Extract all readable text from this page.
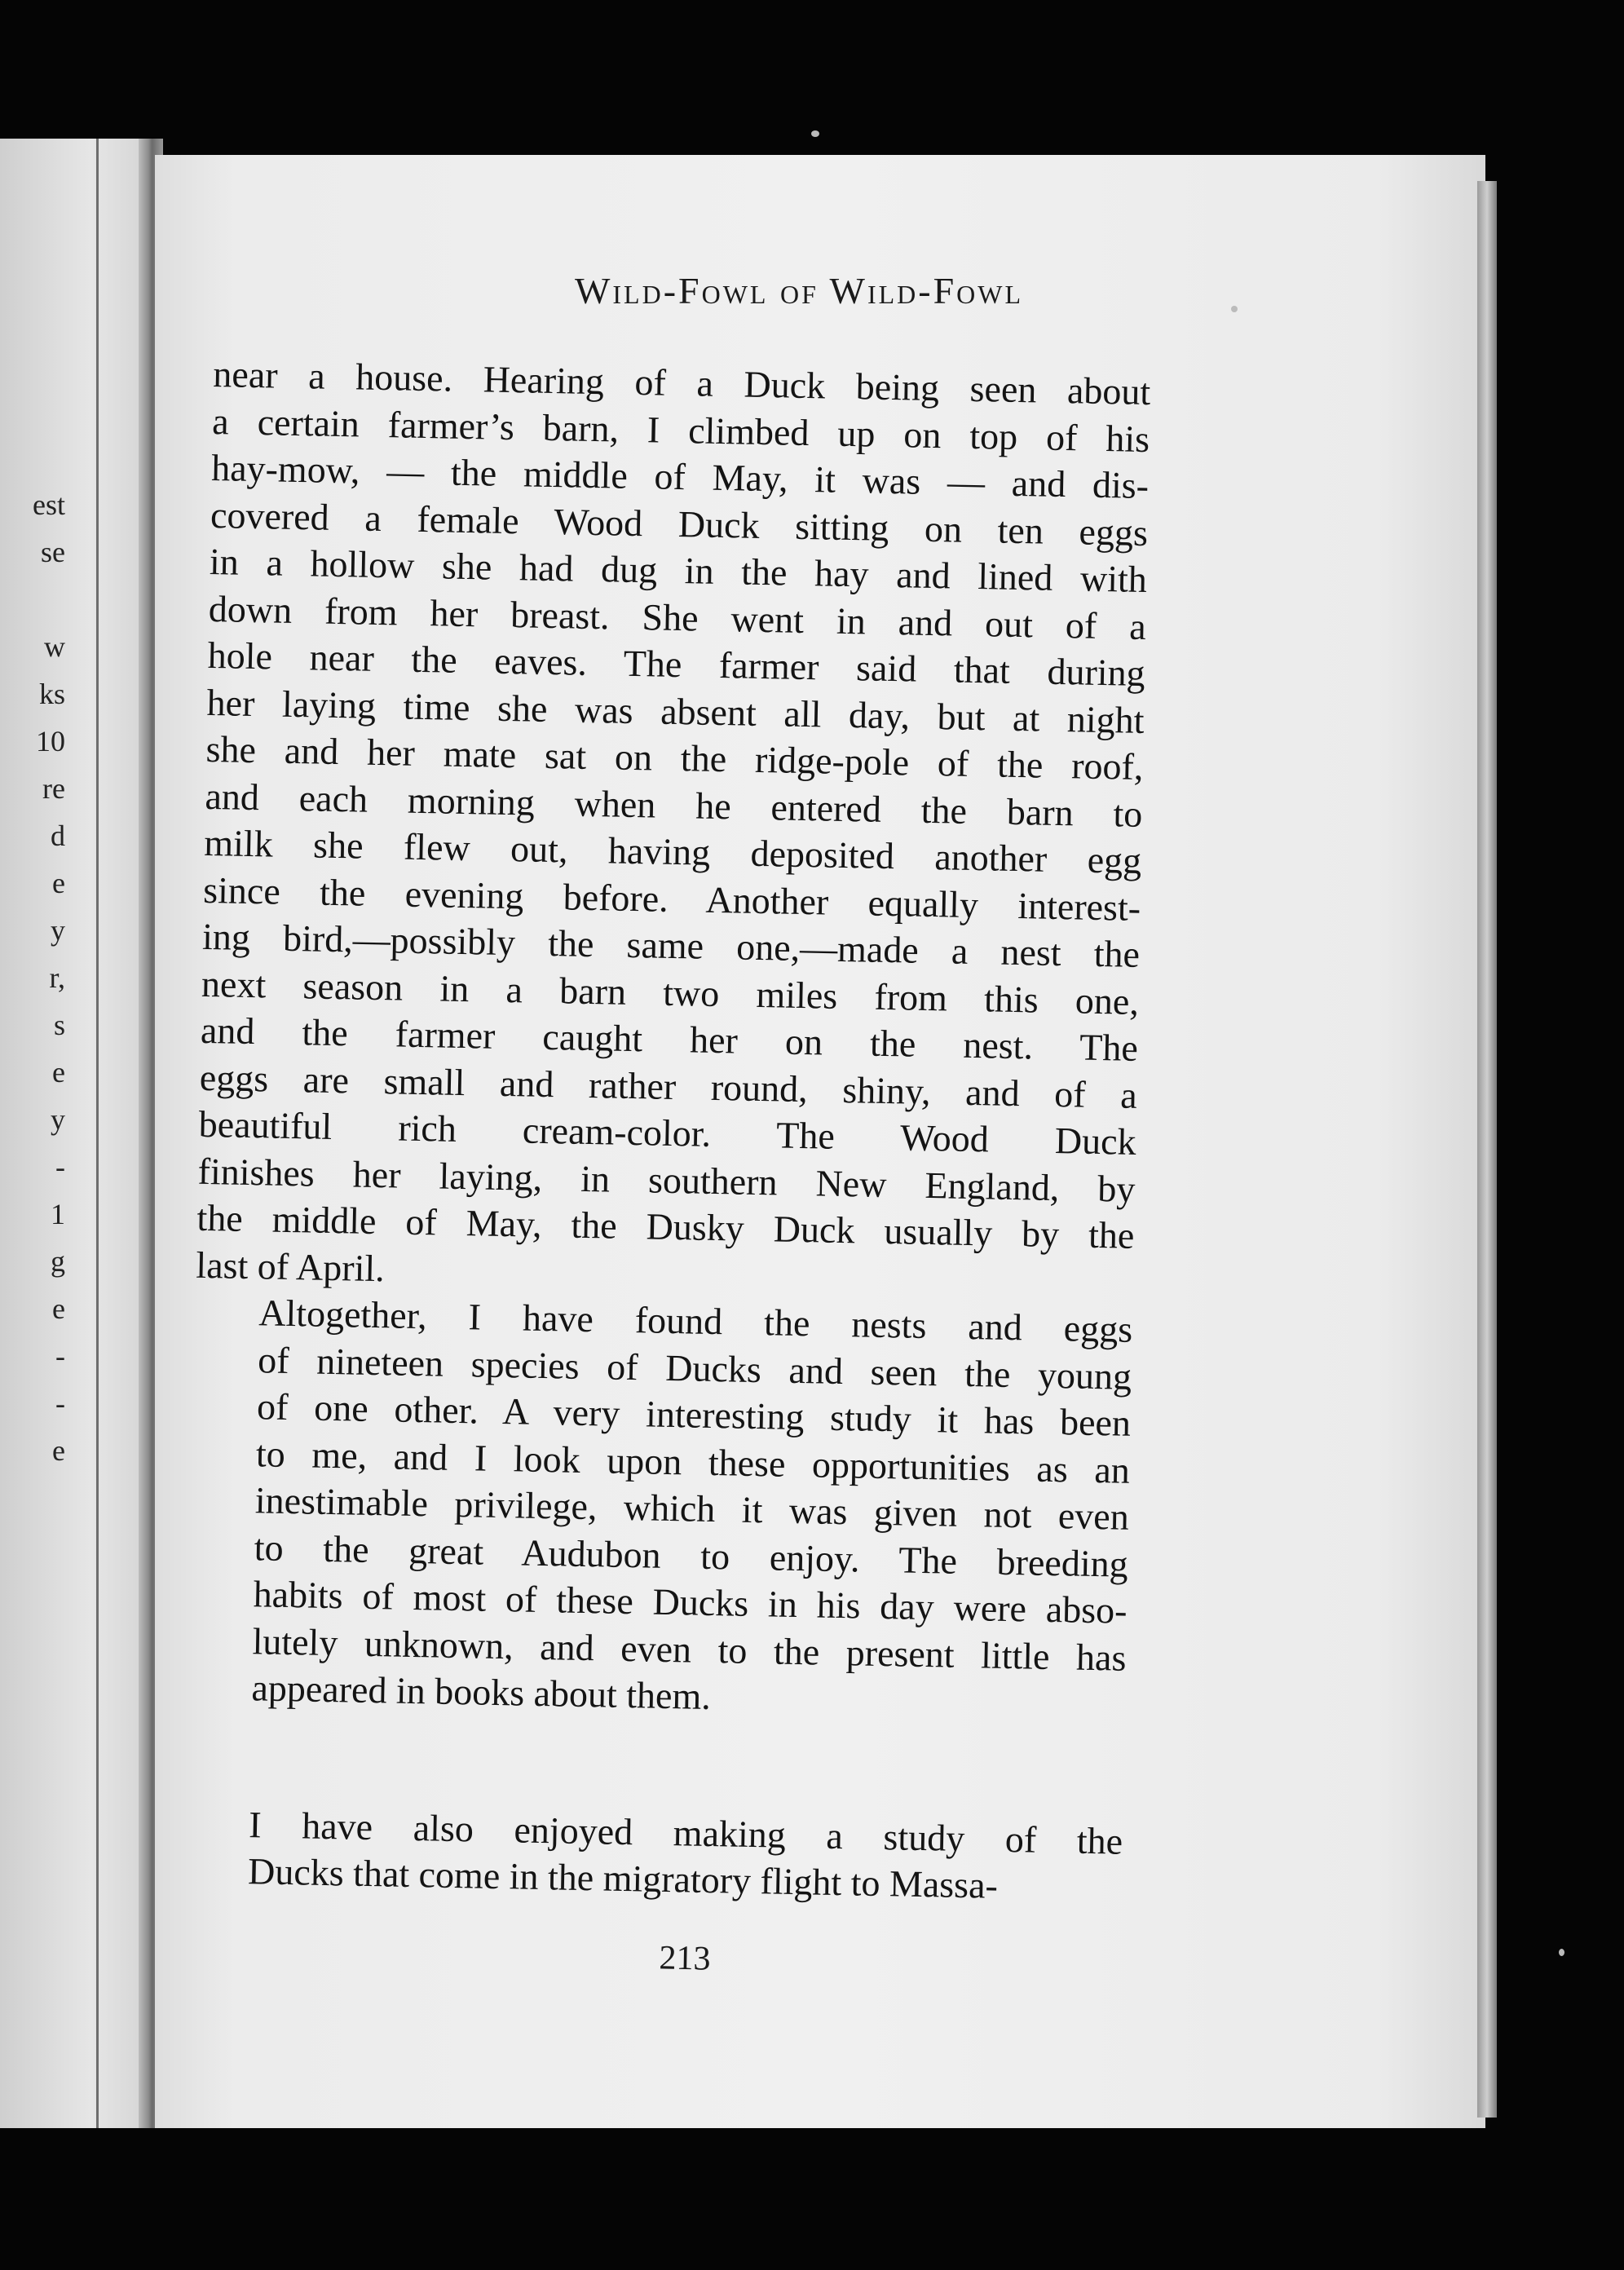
est
se
w
ks
10
re
d
e
y
r,
s
e
y
-
1
g
e
-
-
e
Wild-Fowl of Wild-Fowl
near a house. Hearing of a Duck being seen about
a certain farmer’s barn, I climbed up on top of his
hay-mow, — the middle of May, it was — and dis-
covered a female Wood Duck sitting on ten eggs
in a hollow she had dug in the hay and lined with
down from her breast. She went in and out of a
hole near the eaves. The farmer said that during
her laying time she was absent all day, but at night
she and her mate sat on the ridge-pole of the roof,
and each morning when he entered the barn to
milk she flew out, having deposited another egg
since the evening before. Another equally interest-
ing bird,—possibly the same one,—made a nest the
next season in a barn two miles from this one,
and the farmer caught her on the nest. The
eggs are small and rather round, shiny, and of a
beautiful rich cream-color. The Wood Duck
finishes her laying, in southern New England, by
the middle of May, the Dusky Duck usually by the
last of April.
Altogether, I have found the nests and eggs
of nineteen species of Ducks and seen the young
of one other. A very interesting study it has been
to me, and I look upon these opportunities as an
inestimable privilege, which it was given not even
to the great Audubon to enjoy. The breeding
habits of most of these Ducks in his day were abso-
lutely unknown, and even to the present little has
appeared in books about them.
I have also enjoyed making a study of the
Ducks that come in the migratory flight to Massa-
213
